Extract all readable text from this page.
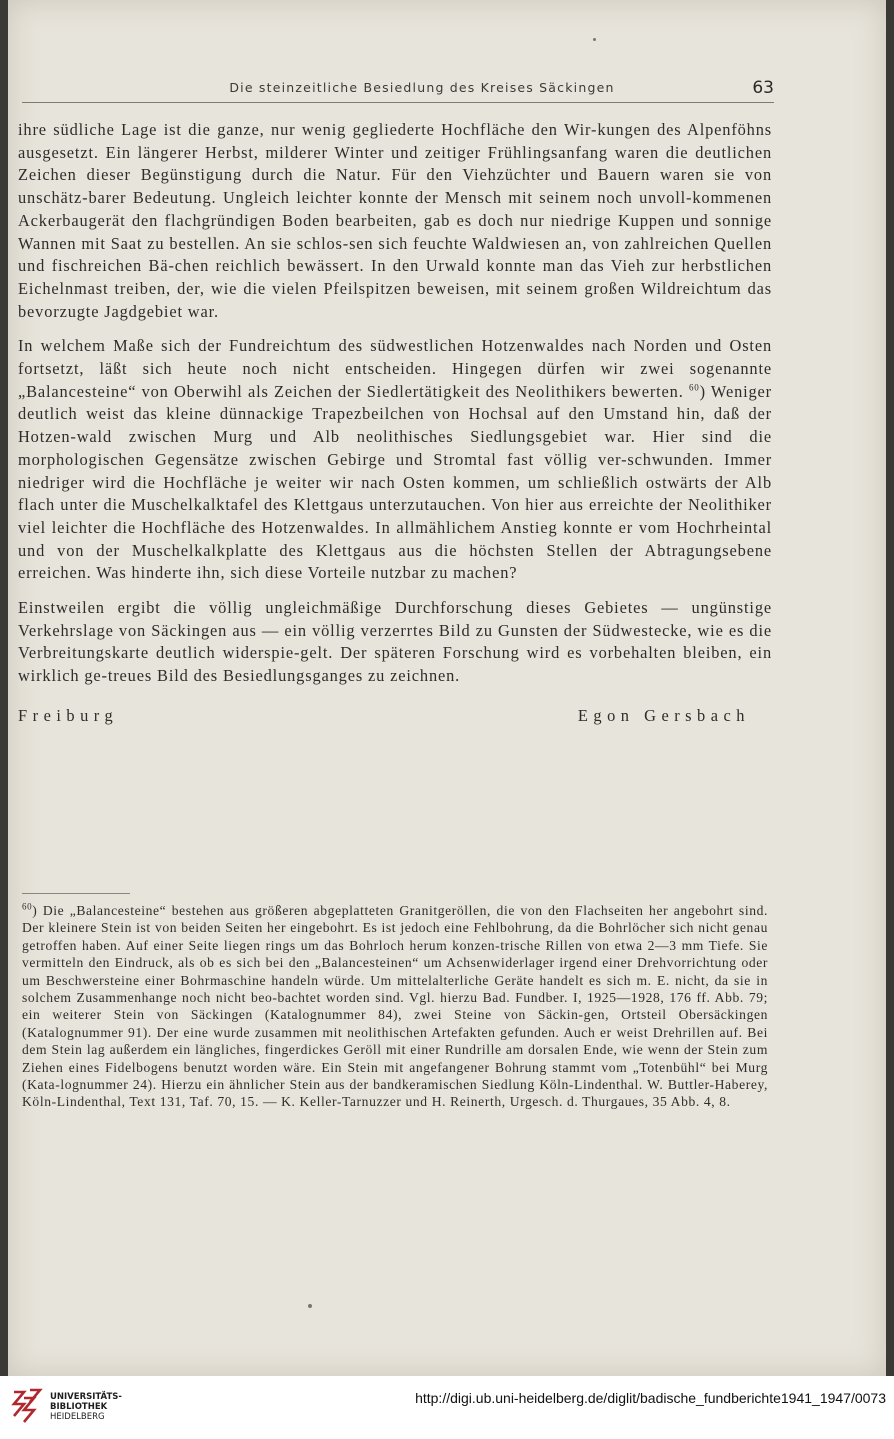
Die steinzeitliche Besiedlung des Kreises Säckingen	63

ihre südliche Lage ist die ganze, nur wenig gegliederte Hochfläche den Wir-kungen des Alpenföhns ausgesetzt. Ein längerer Herbst, milderer Winter und zeitiger Frühlingsanfang waren die deutlichen Zeichen dieser Begünstigung durch die Natur. Für den Viehzüchter und Bauern waren sie von unschätz-barer Bedeutung. Ungleich leichter konnte der Mensch mit seinem noch unvoll-kommenen Ackerbaugerät den flachgründigen Boden bearbeiten, gab es doch nur niedrige Kuppen und sonnige Wannen mit Saat zu bestellen. An sie schlos-sen sich feuchte Waldwiesen an, von zahlreichen Quellen und fischreichen Bä-chen reichlich bewässert. In den Urwald konnte man das Vieh zur herbstlichen Eichelnmast treiben, der, wie die vielen Pfeilspitzen beweisen, mit seinem großen Wildreichtum das bevorzugte Jagdgebiet war.

In welchem Maße sich der Fundreichtum des südwestlichen Hotzenwaldes nach Norden und Osten fortsetzt, läßt sich heute noch nicht entscheiden. Hingegen dürfen wir zwei sogenannte „Balancesteine“ von Oberwihl als Zeichen der Siedlertätigkeit des Neolithikers bewerten. $^{60}$) Weniger deutlich weist das kleine dünnackige Trapezbeilchen von Hochsal auf den Umstand hin, daß der Hotzen-wald zwischen Murg und Alb neolithisches Siedlungsgebiet war. Hier sind die morphologischen Gegensätze zwischen Gebirge und Stromtal fast völlig ver-schwunden. Immer niedriger wird die Hochfläche je weiter wir nach Osten kommen, um schließlich ostwärts der Alb flach unter die Muschelkalktafel des Klettgaus unterzutauchen. Von hier aus erreichte der Neolithiker viel leichter die Hochfläche des Hotzenwaldes. In allmählichem Anstieg konnte er vom Hochrheintal und von der Muschelkalkplatte des Klettgaus aus die höchsten Stellen der Abtragungsebene erreichen. Was hinderte ihn, sich diese Vorteile nutzbar zu machen?

Einstweilen ergibt die völlig ungleichmäßige Durchforschung dieses Gebietes — ungünstige Verkehrslage von Säckingen aus — ein völlig verzerrtes Bild zu Gunsten der Südwestecke, wie es die Verbreitungskarte deutlich widerspie-gelt. Der späteren Forschung wird es vorbehalten bleiben, ein wirklich ge-treues Bild des Besiedlungsganges zu zeichnen.

Freiburg	Egon Gersbach

$^{60}$) Die „Balancesteine“ bestehen aus größeren abgeplatteten Granitgeröllen, die von den Flachseiten her angebohrt sind. Der kleinere Stein ist von beiden Seiten her eingebohrt. Es ist jedoch eine Fehlbohrung, da die Bohrlöcher sich nicht genau getroffen haben. Auf einer Seite liegen rings um das Bohrloch herum konzen-trische Rillen von etwa 2—3 mm Tiefe. Sie vermitteln den Eindruck, als ob es sich bei den „Balancesteinen“ um Achsenwiderlager irgend einer Drehvorrichtung oder um Beschwersteine einer Bohrmaschine handeln würde. Um mittelalterliche Geräte handelt es sich m. E. nicht, da sie in solchem Zusammenhange noch nicht beo-bachtet worden sind. Vgl. hierzu Bad. Fundber. I, 1925—1928, 176 ff. Abb. 79; ein weiterer Stein von Säckingen (Katalognummer 84), zwei Steine von Säckin-gen, Ortsteil Obersäckingen (Katalognummer 91). Der eine wurde zusammen mit neolithischen Artefakten gefunden. Auch er weist Drehrillen auf. Bei dem Stein lag außerdem ein längliches, fingerdickes Geröll mit einer Rundrille am dorsalen Ende, wie wenn der Stein zum Ziehen eines Fidelbogens benutzt worden wäre. Ein Stein mit angefangener Bohrung stammt vom „Totenbühl“ bei Murg (Kata-lognummer 24). Hierzu ein ähnlicher Stein aus der bandkeramischen Siedlung Köln-Lindenthal. W. Buttler-Haberey, Köln-Lindenthal, Text 131, Taf. 70, 15. — K. Keller-Tarnuzzer und H. Reinerth, Urgesch. d. Thurgaues, 35 Abb. 4, 8.

UNIVERSITÄTS-
BIBLIOTHEK
HEIDELBERG
http://digi.ub.uni-heidelberg.de/diglit/badische_fundberichte1941_1947/0073
